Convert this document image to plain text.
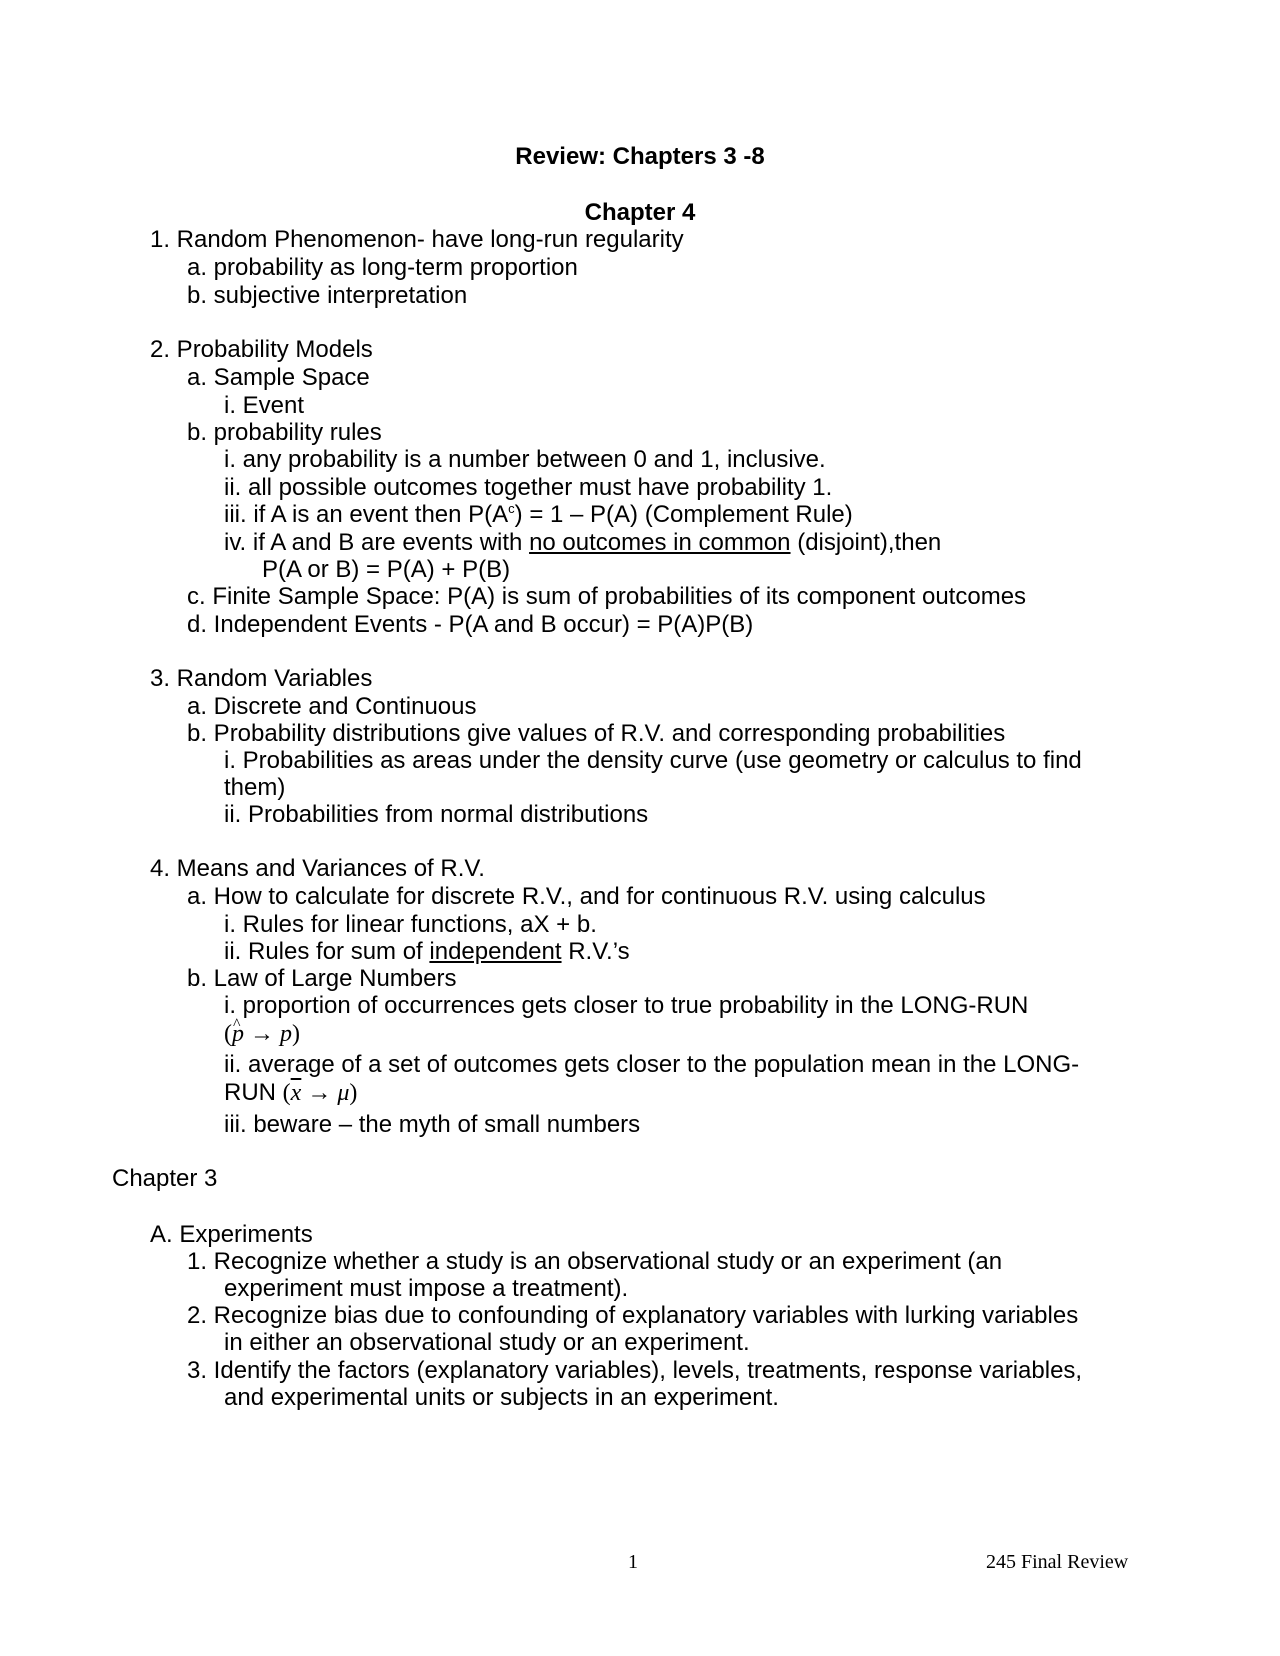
Review: Chapters 3 -8
Chapter 4
1. Random Phenomenon- have long-run regularity
a. probability as long-term proportion
b. subjective interpretation
2. Probability Models
a. Sample Space
i. Event
b. probability rules
i. any probability is a number between 0 and 1, inclusive.
ii. all possible outcomes together must have probability 1.
iii. if A is an event then $P(A^c) = 1 - P(A)$ (Complement Rule)
iv. if A and B are events with no outcomes in common (disjoint),then
P(A or B) = P(A) + P(B)
c. Finite Sample Space: P(A) is sum of probabilities of its component outcomes
d. Independent Events - P(A and B occur) = P(A)P(B)
3. Random Variables
a. Discrete and Continuous
b. Probability distributions give values of R.V. and corresponding probabilities
i. Probabilities as areas under the density curve (use geometry or calculus to find
them)
ii. Probabilities from normal distributions
4. Means and Variances of R.V.
a. How to calculate for discrete R.V., and for continuous R.V. using calculus
i. Rules for linear functions, aX + b.
ii. Rules for sum of independent R.V.’s
b. Law of Large Numbers
i. proportion of occurrences gets closer to true probability in the LONG-RUN
(p ^ → p)
ii. average of a set of outcomes gets closer to the population mean in the LONG-
RUN $(\overline{x} \to \mu)$
iii. beware – the myth of small numbers
Chapter 3
A. Experiments
1. Recognize whether a study is an observational study or an experiment (an
experiment must impose a treatment).
2. Recognize bias due to confounding of explanatory variables with lurking variables
in either an observational study or an experiment.
3. Identify the factors (explanatory variables), levels, treatments, response variables,
and experimental units or subjects in an experiment.
1	245 Final Review
